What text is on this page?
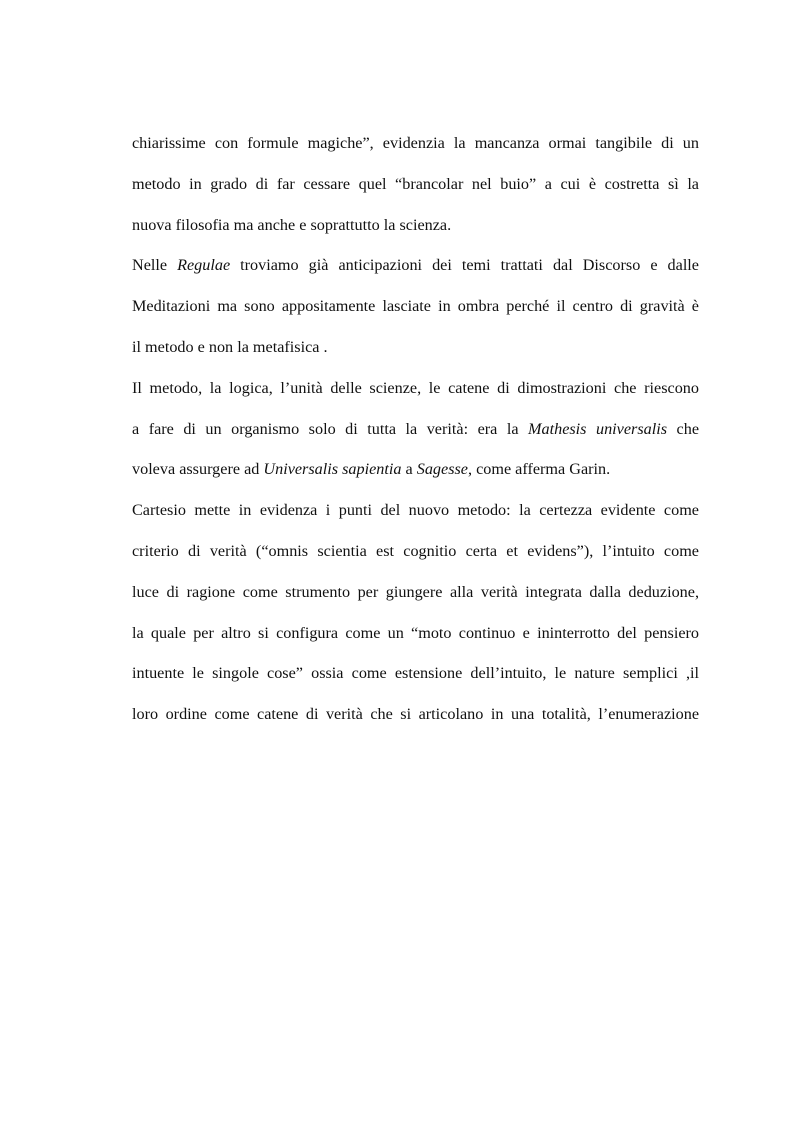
chiarissime con formule magiche”, evidenzia la mancanza ormai tangibile di un
metodo in grado di far cessare quel “brancolar nel buio” a cui è costretta sì la
nuova filosofia ma anche e soprattutto la scienza.
Nelle Regulae troviamo già anticipazioni dei temi trattati dal Discorso e dalle
Meditazioni ma sono appositamente lasciate in ombra perché il centro di gravità è
il metodo e non la metafisica .
Il metodo, la logica, l’unità delle scienze, le catene di dimostrazioni che riescono
a fare di un organismo solo di tutta la verità: era la Mathesis universalis che
voleva assurgere ad Universalis sapientia a Sagesse, come afferma Garin.
Cartesio mette in evidenza i punti del nuovo metodo: la certezza evidente come
criterio di verità (“omnis scientia est cognitio certa et evidens”), l’intuito come
luce di ragione come strumento per giungere alla verità integrata dalla deduzione,
la quale per altro si configura come un “moto continuo e ininterrotto del pensiero
intuente le singole cose” ossia come estensione dell’intuito, le nature semplici ,il
loro ordine come catene di verità che si articolano in una totalità, l’enumerazione
